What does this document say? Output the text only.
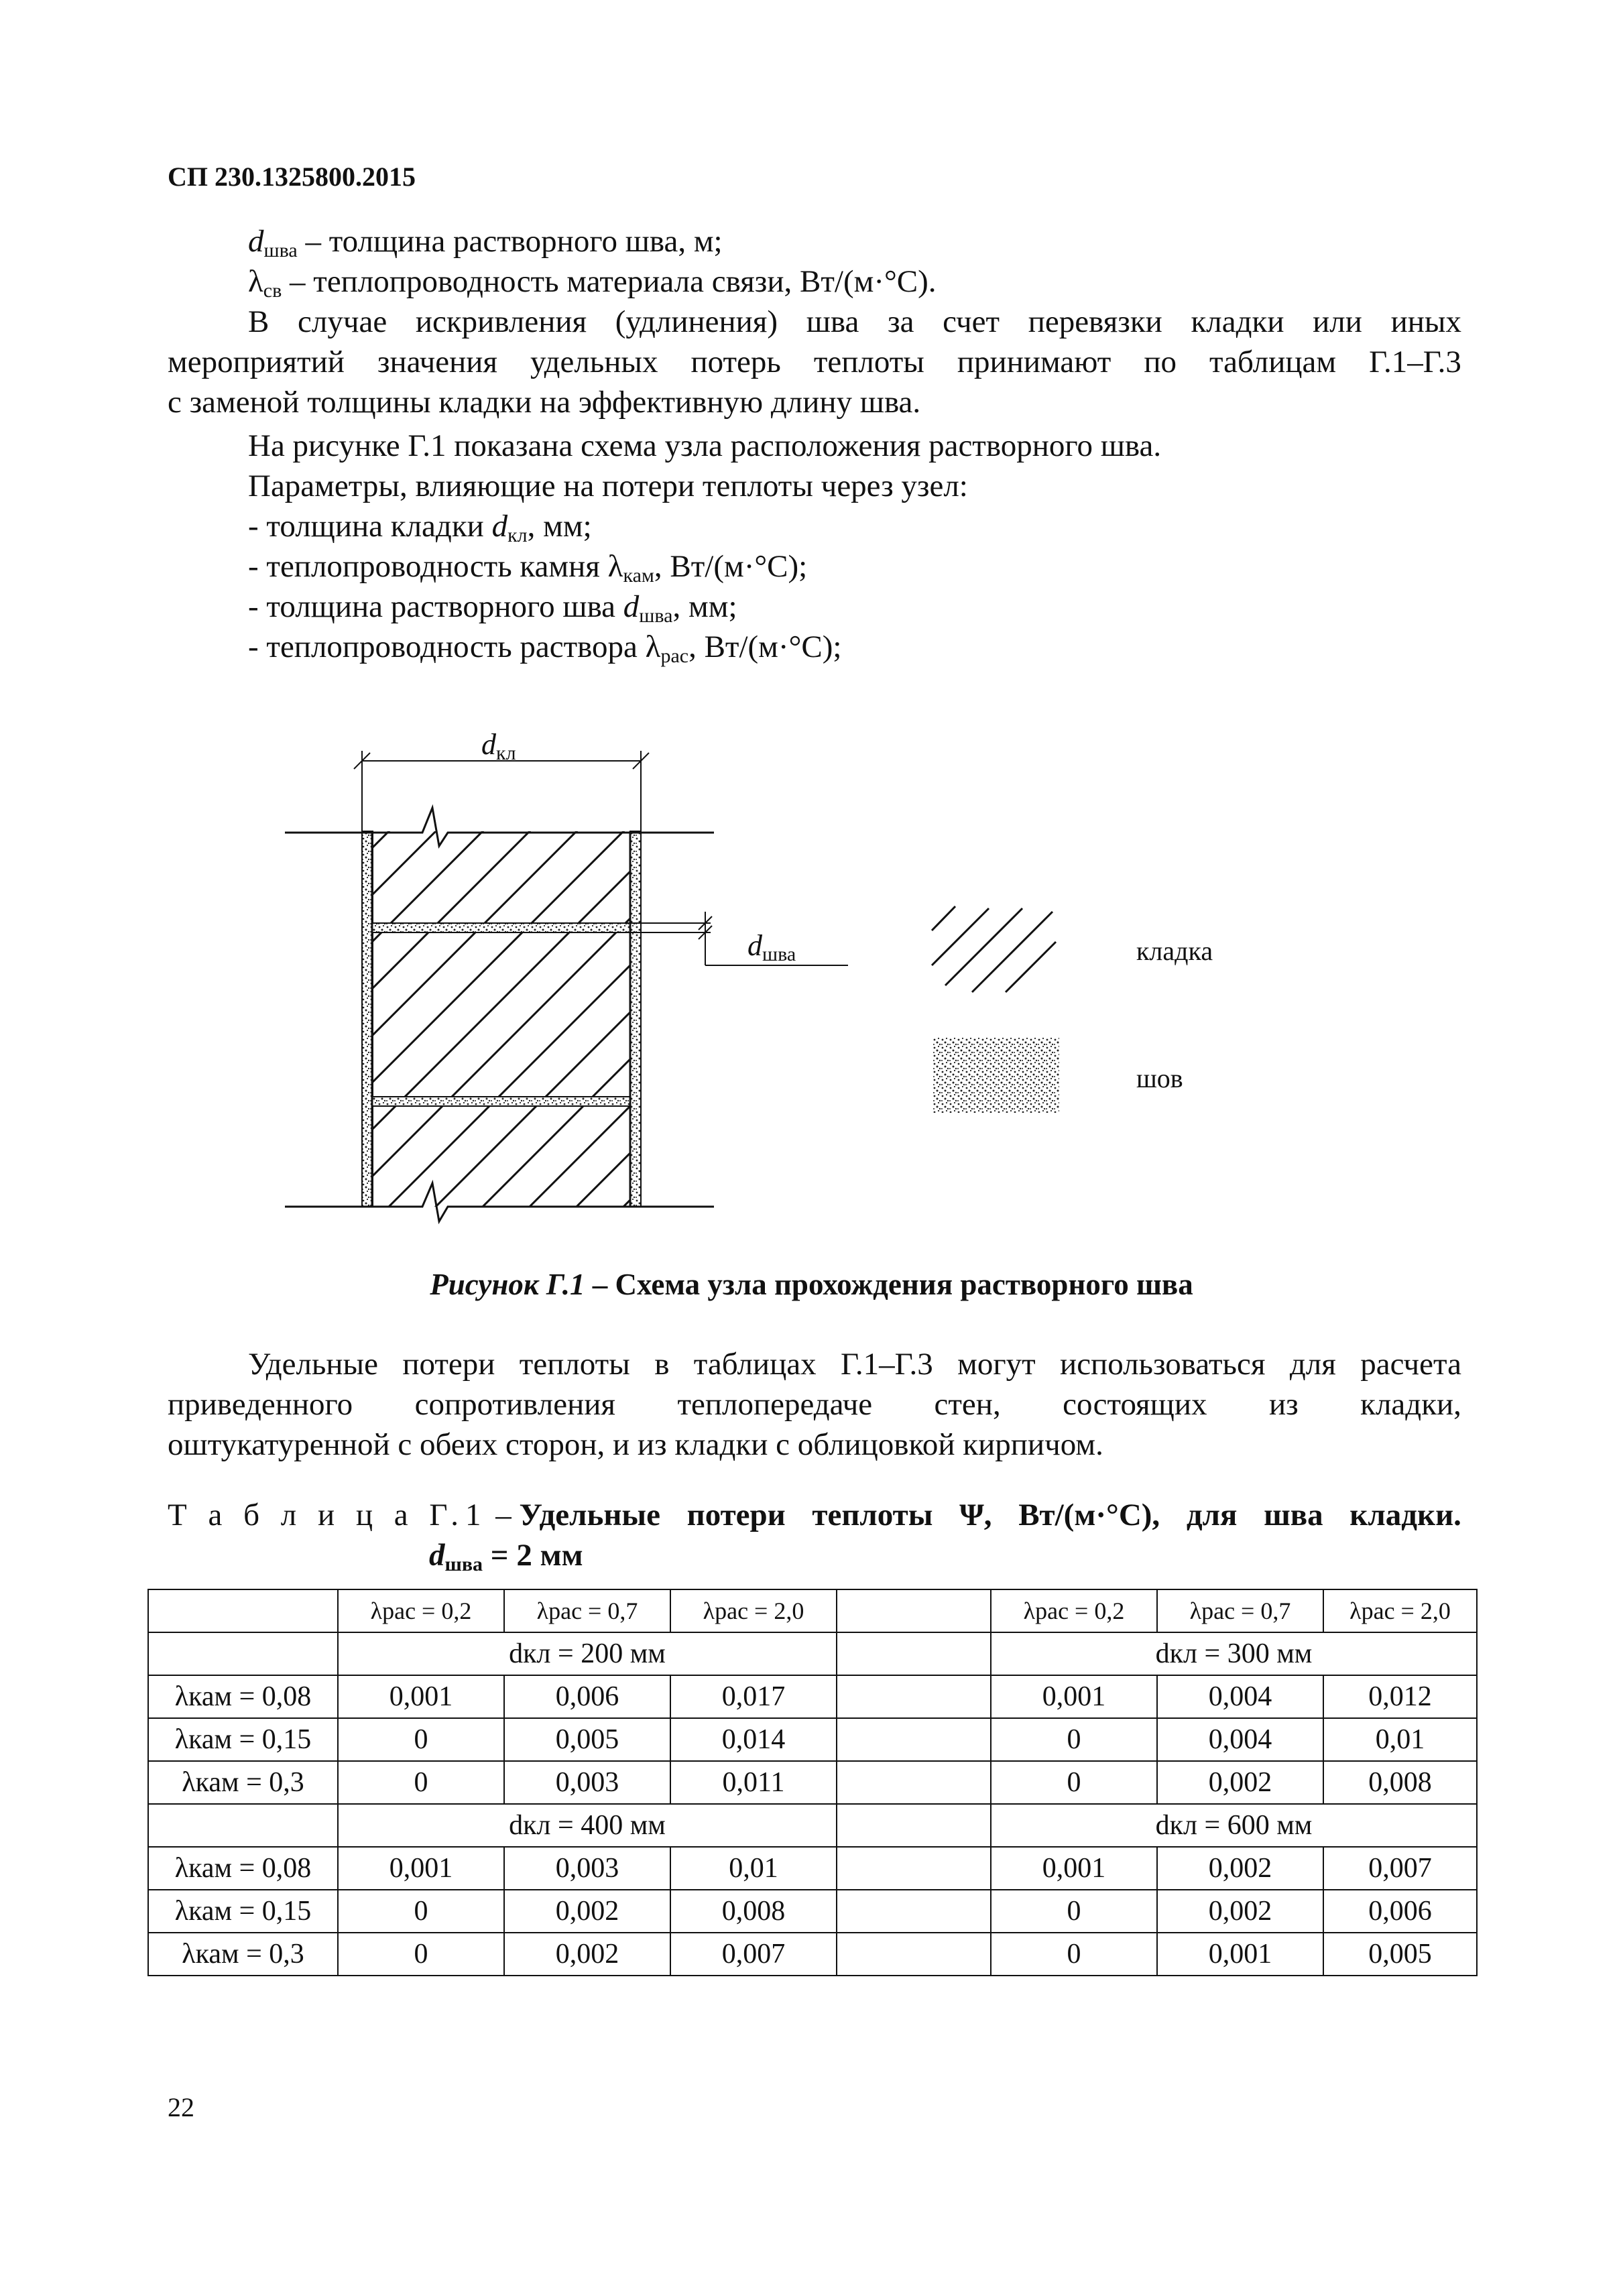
СП 230.1325800.2015
$d_{шва}$ – толщина растворного шва, м;
$\lambda_{св}$ – теплопроводность материала связи, Вт/(м·°С).
В случае искривления (удлинения) шва за счет перевязки кладки или иных
мероприятий значения удельных потерь теплоты принимают по таблицам Г.1–Г.3
с заменой толщины кладки на эффективную длину шва.
На рисунке Г.1 показана схема узла расположения растворного шва.
Параметры, влияющие на потери теплоты через узел:
- толщина кладки $d_{кл}$, мм;
- теплопроводность камня $\lambda_{кам}$, Вт/(м·°С);
- толщина растворного шва $d_{шва}$, мм;
- теплопроводность раствора $\lambda_{рас}$, Вт/(м·°С);
$d_{кл}$
$d_{шва}$	кладка
шов
Рисунок Г.1 – Схема узла прохождения растворного шва
Удельные потери теплоты в таблицах Г.1–Г.3 могут использоваться для расчета
приведенного сопротивления теплопередаче стен, состоящих из кладки,
оштукатуренной с обеих сторон, и из кладки с облицовкой кирпичом.
Т а б л и ц а Г.1 – Удельные потери теплоты Ψ, Вт/(м·°С), для шва кладки.
$d_{шва} = 2$ мм
	λрас = 0,2	λрас = 0,7	λрас = 2,0		λрас = 0,2	λрас = 0,7	λрас = 2,0
	dкл = 200 мм				dкл = 300 мм		
λкам = 0,08	0,001	0,006	0,017		0,001	0,004	0,012
λкам = 0,15	0	0,005	0,014		0	0,004	0,01
λкам = 0,3	0	0,003	0,011		0	0,002	0,008
	dкл = 400 мм				dкл = 600 мм		
λкам = 0,08	0,001	0,003	0,01		0,001	0,002	0,007
λкам = 0,15	0	0,002	0,008		0	0,002	0,006
λкам = 0,3	0	0,002	0,007		0	0,001	0,005
22
